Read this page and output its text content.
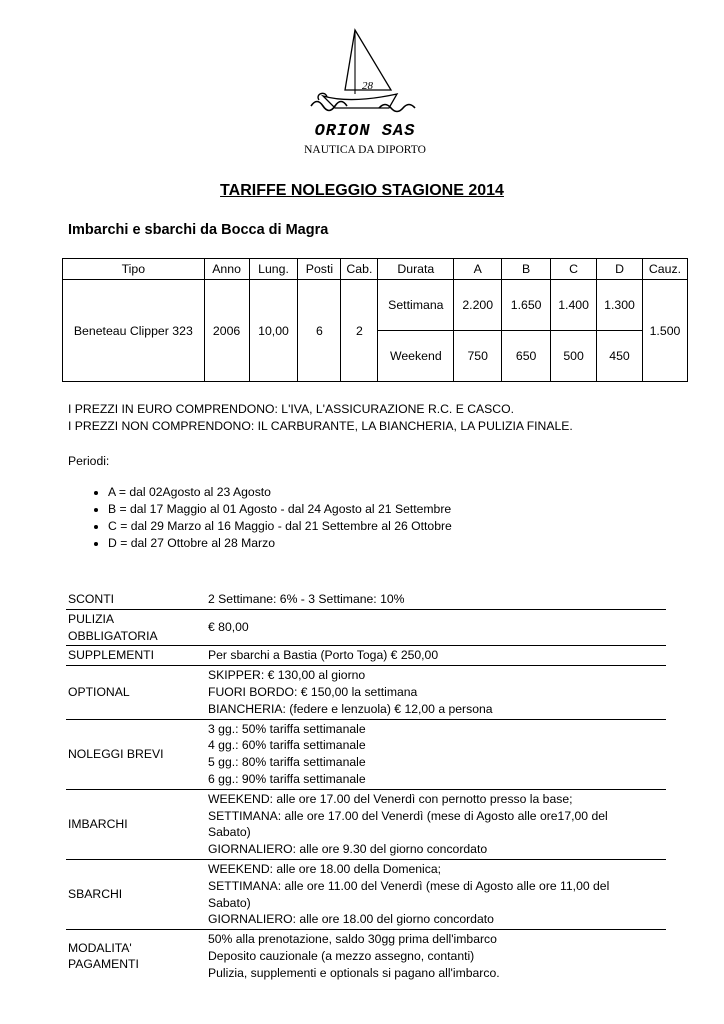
28
ORION SAS
NAUTICA DA DIPORTO
TARIFFE NOLEGGIO STAGIONE 2014
Imbarchi e sbarchi da Bocca di Magra
Tipo	Anno	Lung.	Posti	Cab.	Durata	A	B	C	D	Cauz.
Beneteau Clipper 323	2006	10,00	6	2	Settimana	2.200	1.650	1.400	1.300	1.500
					Weekend	750	650	500	450	
I PREZZI IN EURO COMPRENDONO: L'IVA, L'ASSICURAZIONE R.C. E CASCO.
I PREZZI NON COMPRENDONO: IL CARBURANTE, LA BIANCHERIA, LA PULIZIA FINALE.
Periodi:
• A = dal 02Agosto al 23 Agosto
• B = dal 17 Maggio al 01 Agosto - dal 24 Agosto al 21 Settembre
• C = dal 29 Marzo al 16 Maggio - dal 21 Settembre al 26 Ottobre
• D = dal 27 Ottobre al 28 Marzo
SCONTI	2 Settimane: 6% - 3 Settimane: 10%

PULIZIA OBBLIGATORIA	€ 80,00

SUPPLEMENTI	Per sbarchi a Bastia (Porto Toga) € 250,00

OPTIONAL	SKIPPER: € 130,00 al giorno
FUORI BORDO: € 150,00 la settimana
BIANCHERIA: (federe e lenzuola) € 12,00 a persona

NOLEGGI BREVI	3 gg.: 50% tariffa settimanale
4 gg.: 60% tariffa settimanale
5 gg.: 80% tariffa settimanale
6 gg.: 90% tariffa settimanale

IMBARCHI	WEEKEND: alle ore 17.00 del Venerdì con pernotto presso la base;
SETTIMANA: alle ore 17.00 del Venerdì (mese di Agosto alle ore17,00 del
Sabato)
GIORNALIERO: alle ore 9.30 del giorno concordato

SBARCHI	WEEKEND: alle ore 18.00 della Domenica;
SETTIMANA: alle ore 11.00 del Venerdì (mese di Agosto alle ore 11,00 del
Sabato)
GIORNALIERO: alle ore 18.00 del giorno concordato

MODALITA' PAGAMENTI	50% alla prenotazione, saldo 30gg prima dell'imbarco
Deposito cauzionale (a mezzo assegno, contanti)
Pulizia, supplementi e optionals si pagano all'imbarco.
